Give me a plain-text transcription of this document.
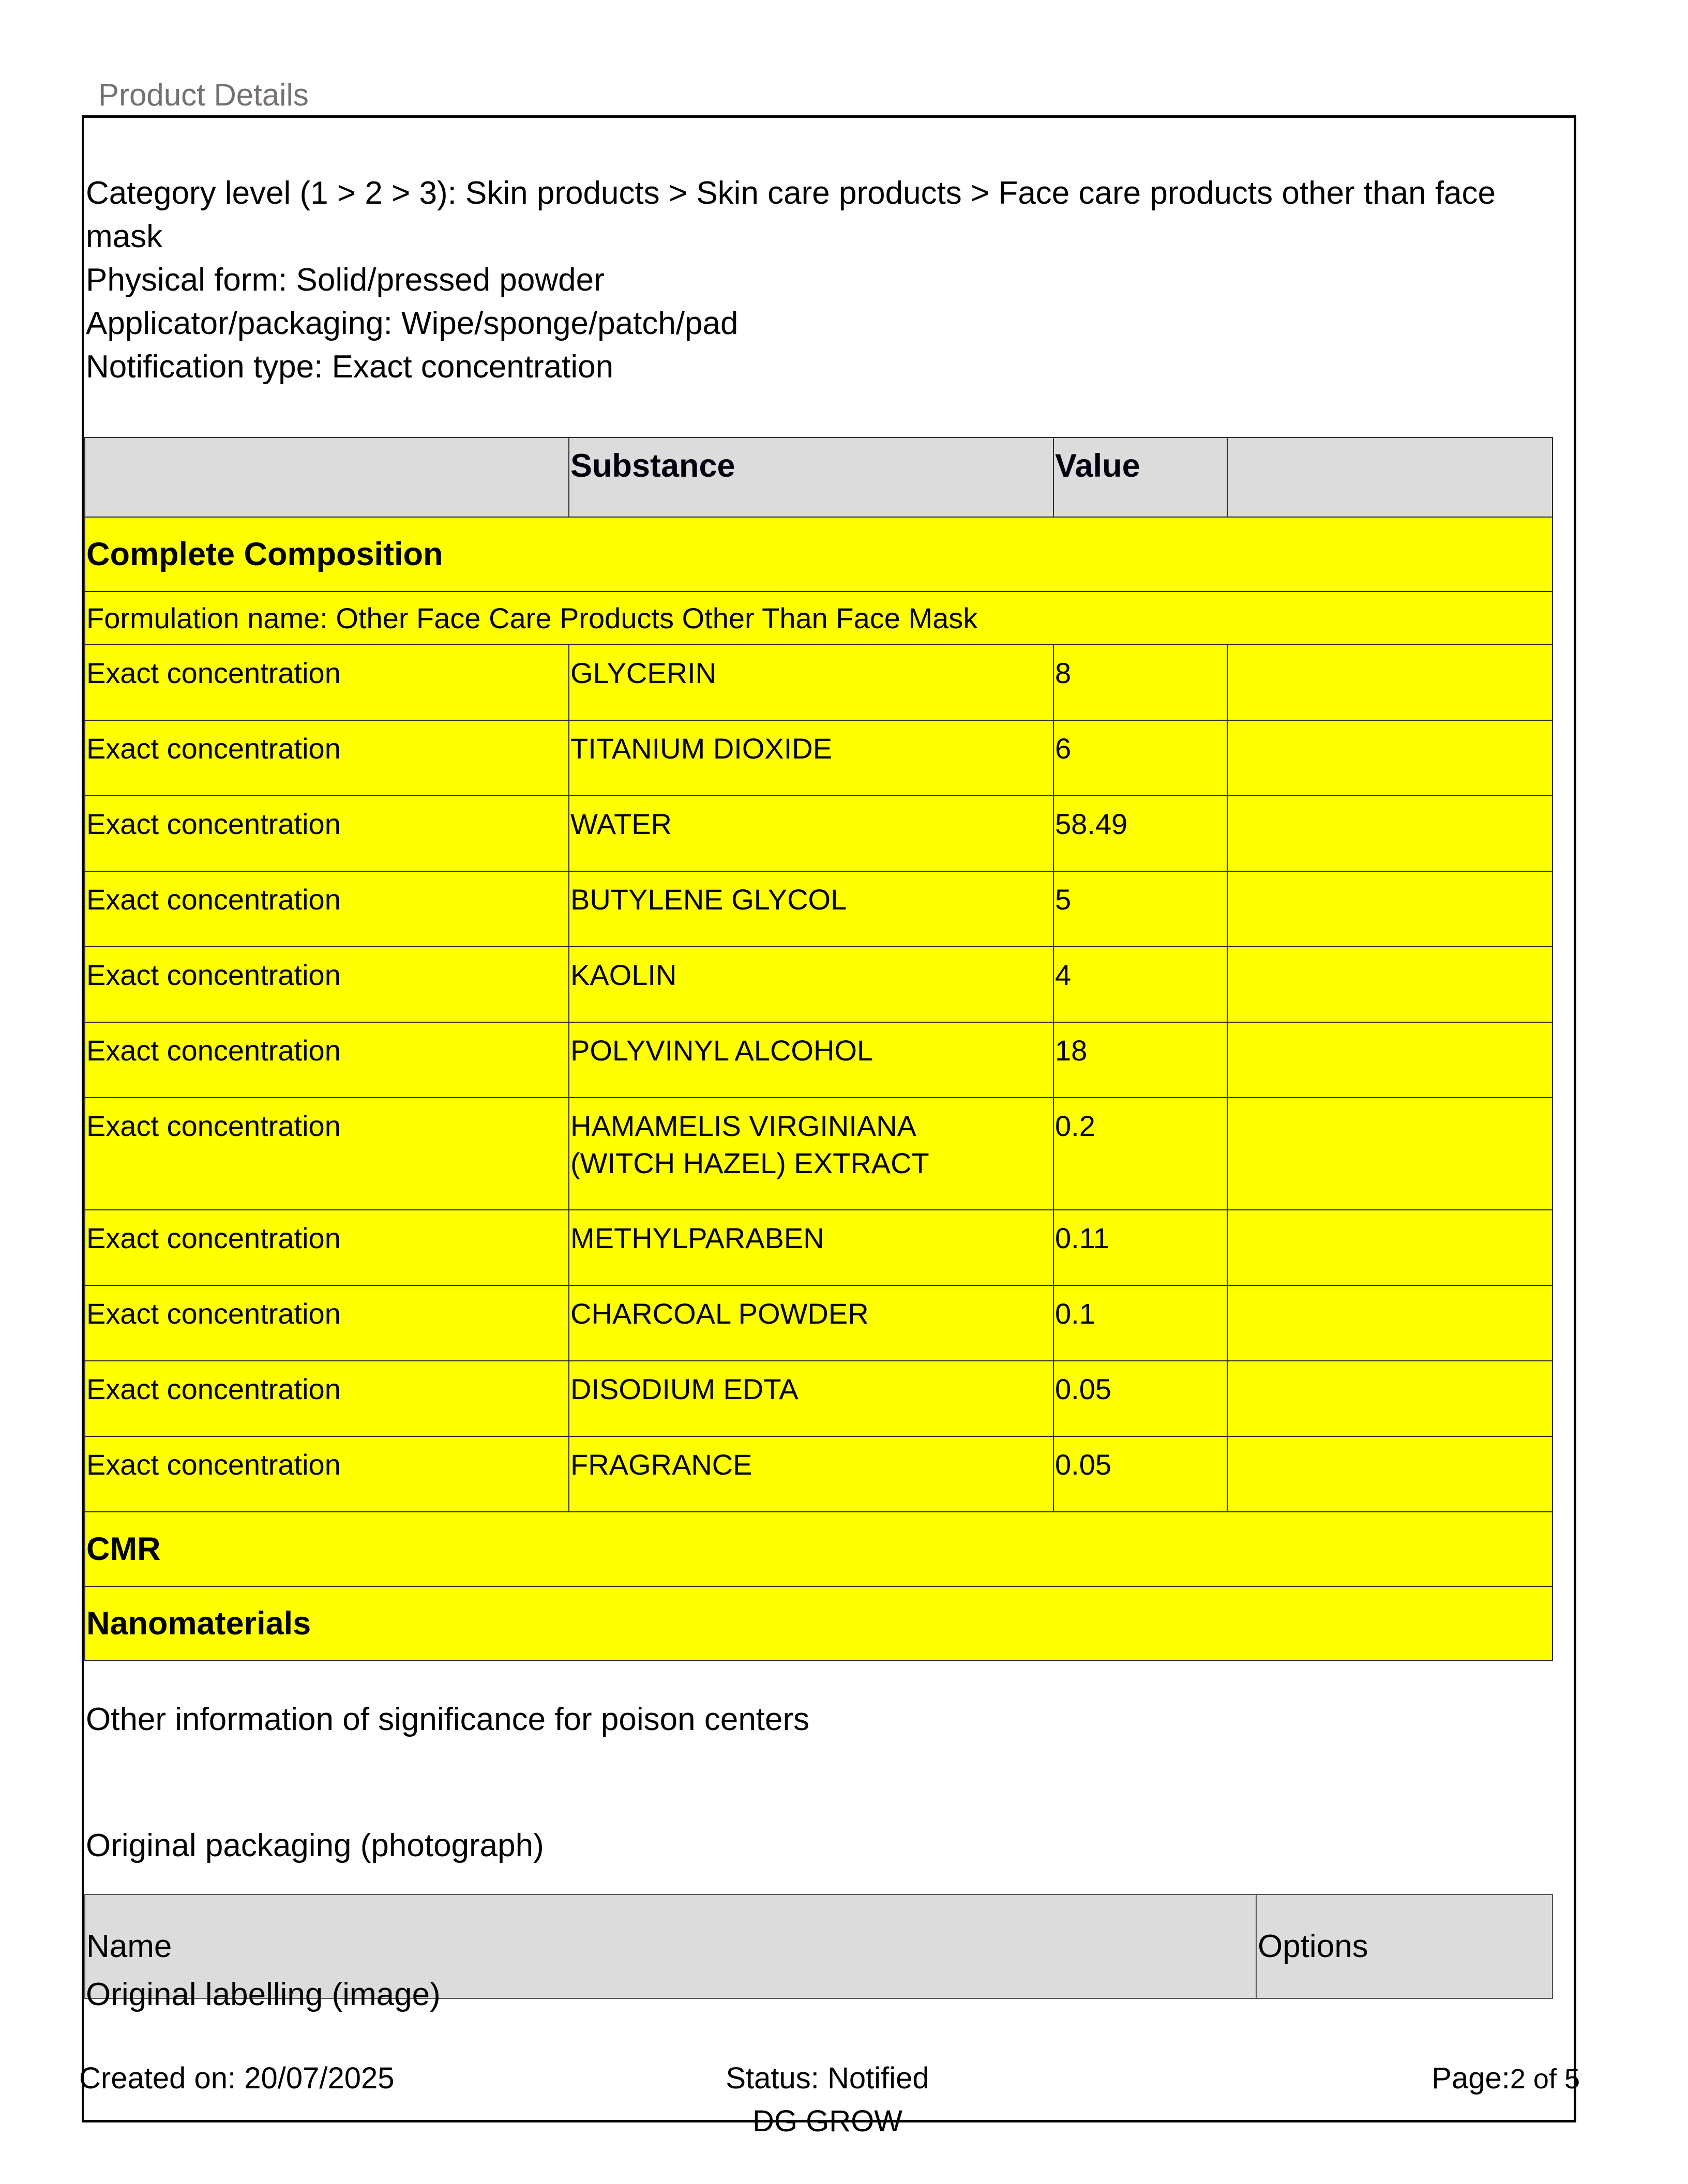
Product Details
Category level (1 > 2 > 3): Skin products > Skin care products > Face care products other than face mask
Physical form: Solid/pressed powder
Applicator/packaging: Wipe/sponge/patch/pad
Notification type: Exact concentration
	Substance	Value	
Complete Composition			
Formulation name: Other Face Care Products Other Than Face Mask			
Exact concentration	GLYCERIN	8	
Exact concentration	TITANIUM DIOXIDE	6	
Exact concentration	WATER	58.49	
Exact concentration	BUTYLENE GLYCOL	5	
Exact concentration	KAOLIN	4	
Exact concentration	POLYVINYL ALCOHOL	18	
Exact concentration	HAMAMELIS VIRGINIANA (WITCH HAZEL) EXTRACT	0.2	
Exact concentration	METHYLPARABEN	0.11	
Exact concentration	CHARCOAL POWDER	0.1	
Exact concentration	DISODIUM EDTA	0.05	
Exact concentration	FRAGRANCE	0.05	
CMR			
Nanomaterials			
Other information of significance for poison centers
Original packaging (photograph)
Name	Options
Original labelling (image)
Created on: 20/07/2025	Status: Notified
DG GROW
Page:2 of 5
